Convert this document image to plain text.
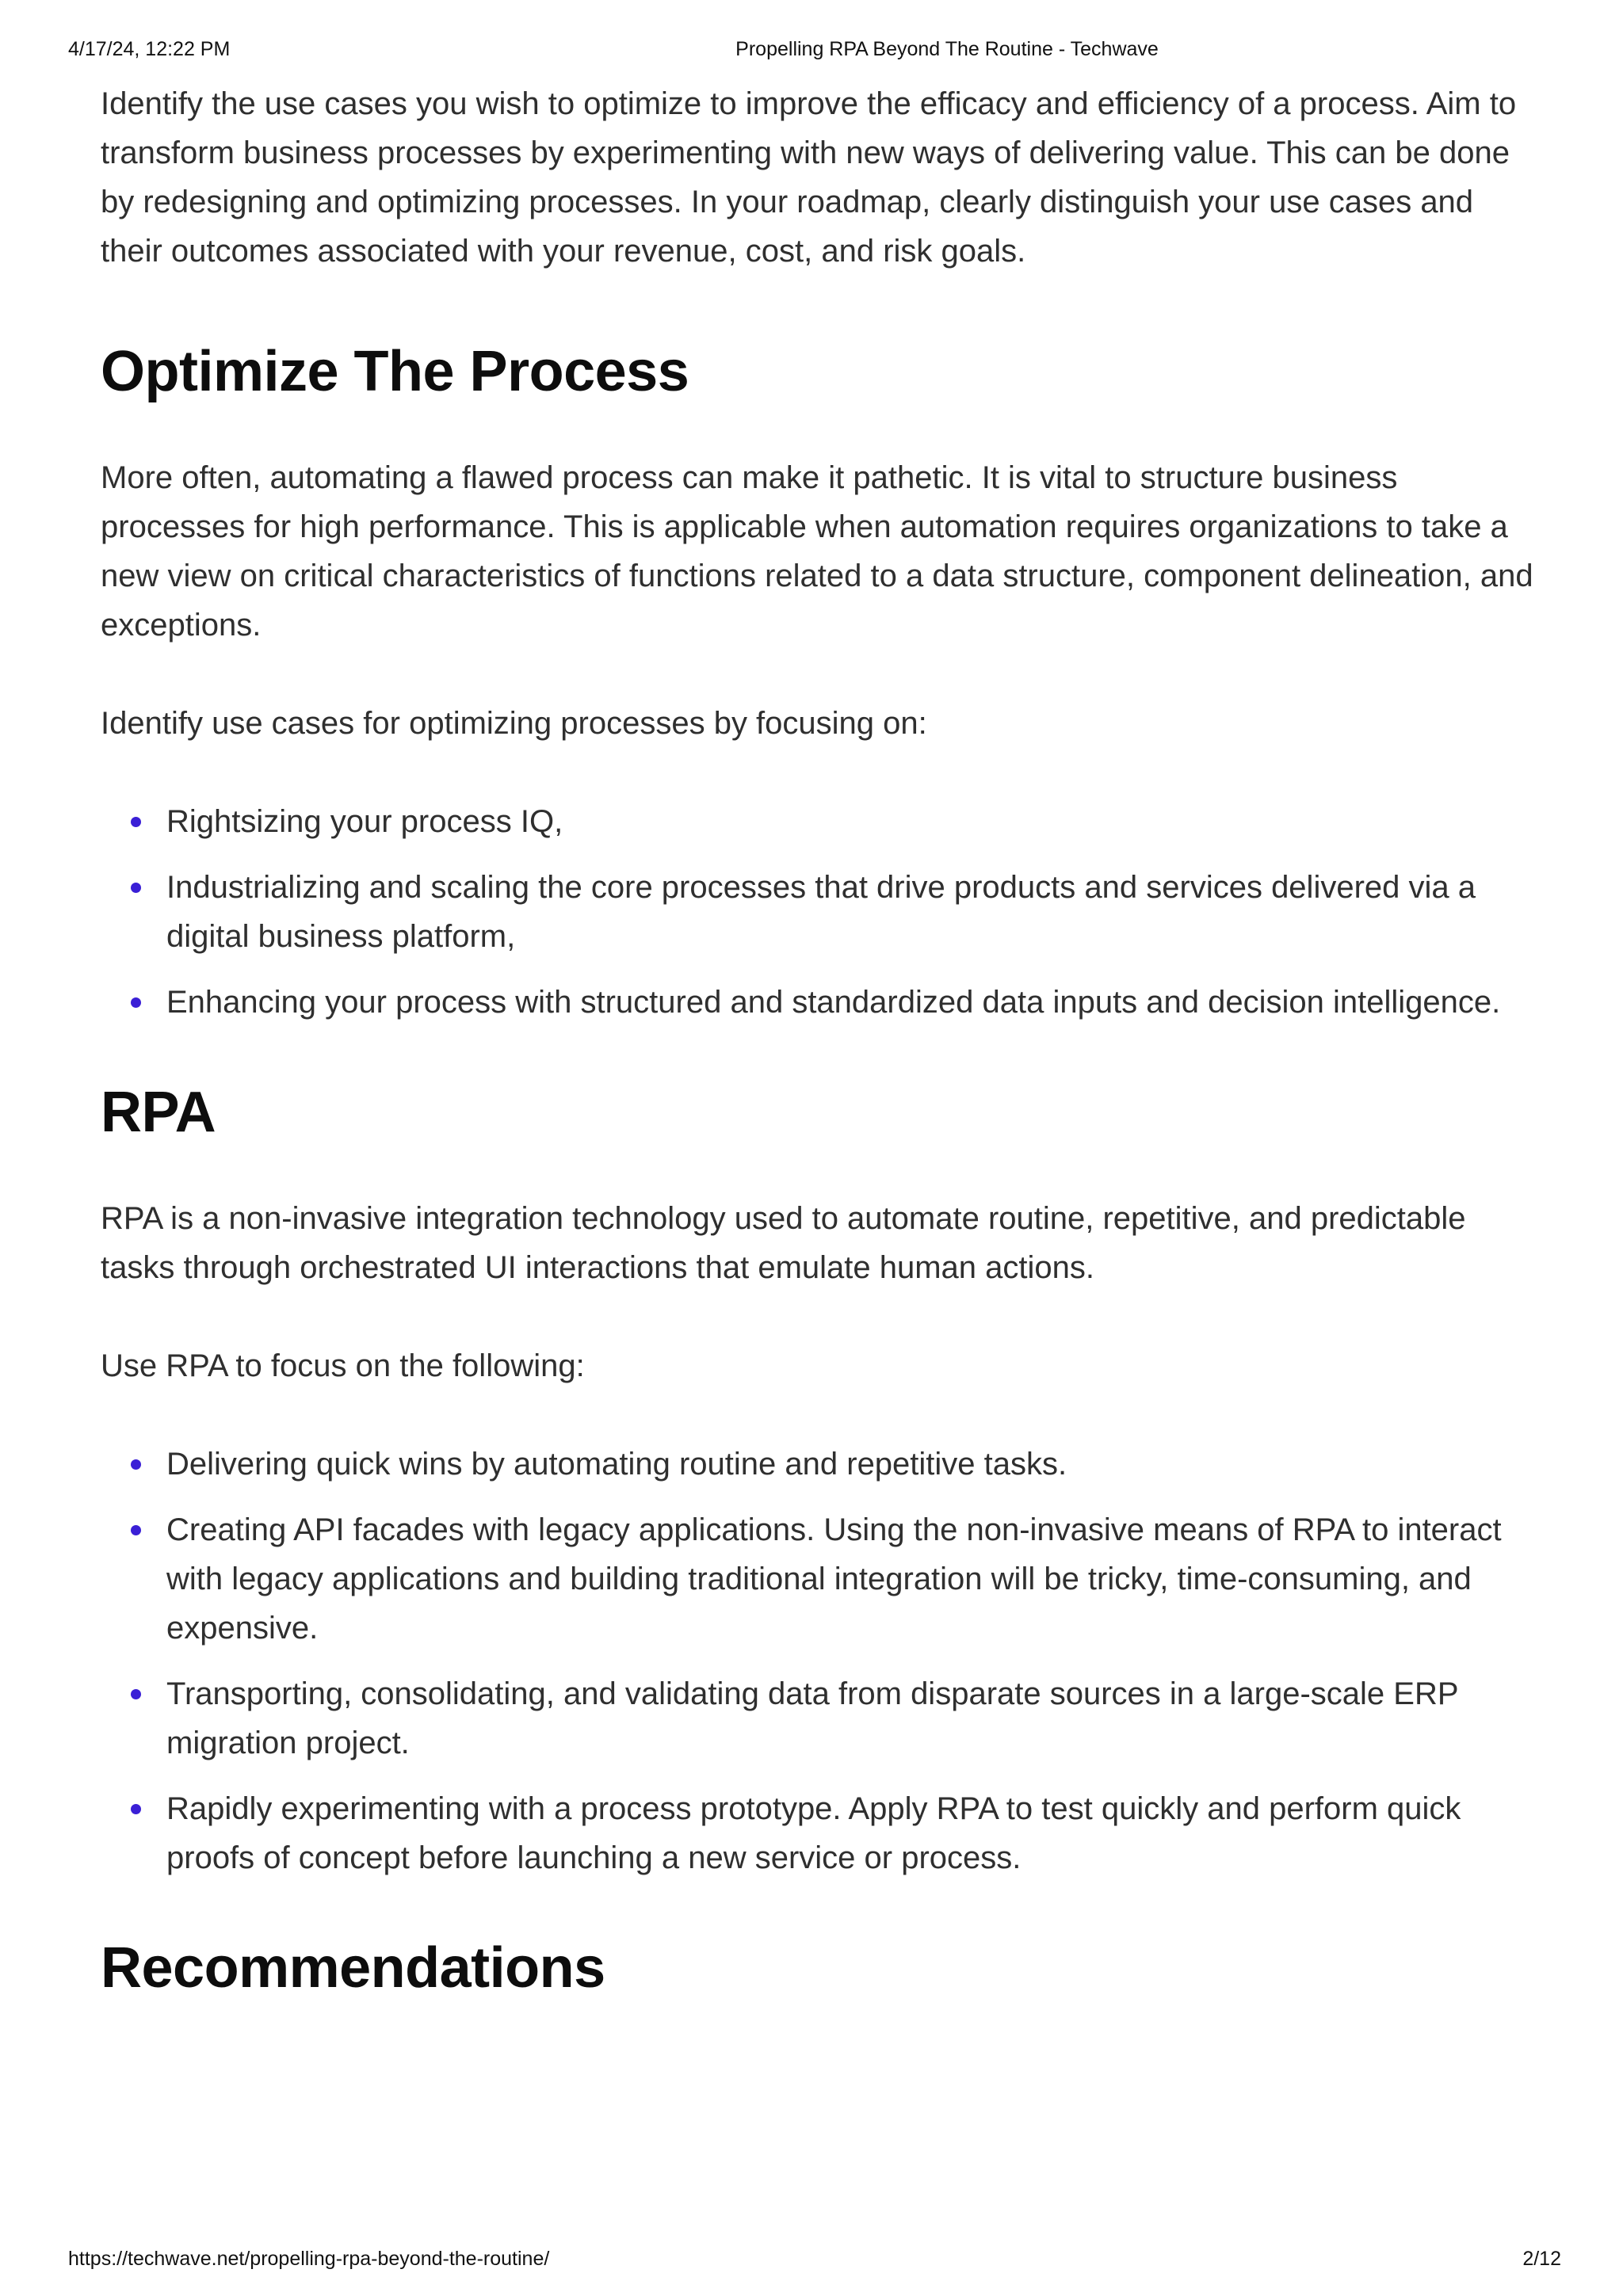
4/17/24, 12:22 PM	Propelling RPA Beyond The Routine - Techwave

Identify the use cases you wish to optimize to improve the efficacy and efficiency of a process. Aim to transform business processes by experimenting with new ways of delivering value. This can be done by redesigning and optimizing processes. In your roadmap, clearly distinguish your use cases and their outcomes associated with your revenue, cost, and risk goals.

Optimize The Process

More often, automating a flawed process can make it pathetic. It is vital to structure business processes for high performance. This is applicable when automation requires organizations to take a new view on critical characteristics of functions related to a data structure, component delineation, and exceptions.

Identify use cases for optimizing processes by focusing on:

Rightsizing your process IQ,
Industrializing and scaling the core processes that drive products and services delivered via a digital business platform,
Enhancing your process with structured and standardized data inputs and decision intelligence.
RPA

RPA is a non-invasive integration technology used to automate routine, repetitive, and predictable tasks through orchestrated UI interactions that emulate human actions.

Use RPA to focus on the following:

Delivering quick wins by automating routine and repetitive tasks.
Creating API facades with legacy applications. Using the non-invasive means of RPA to interact with legacy applications and building traditional integration will be tricky, time-consuming, and expensive.
Transporting, consolidating, and validating data from disparate sources in a large-scale ERP migration project.
Rapidly experimenting with a process prototype. Apply RPA to test quickly and perform quick proofs of concept before launching a new service or process.
Recommendations
https://techwave.net/propelling-rpa-beyond-the-routine/	2/12
